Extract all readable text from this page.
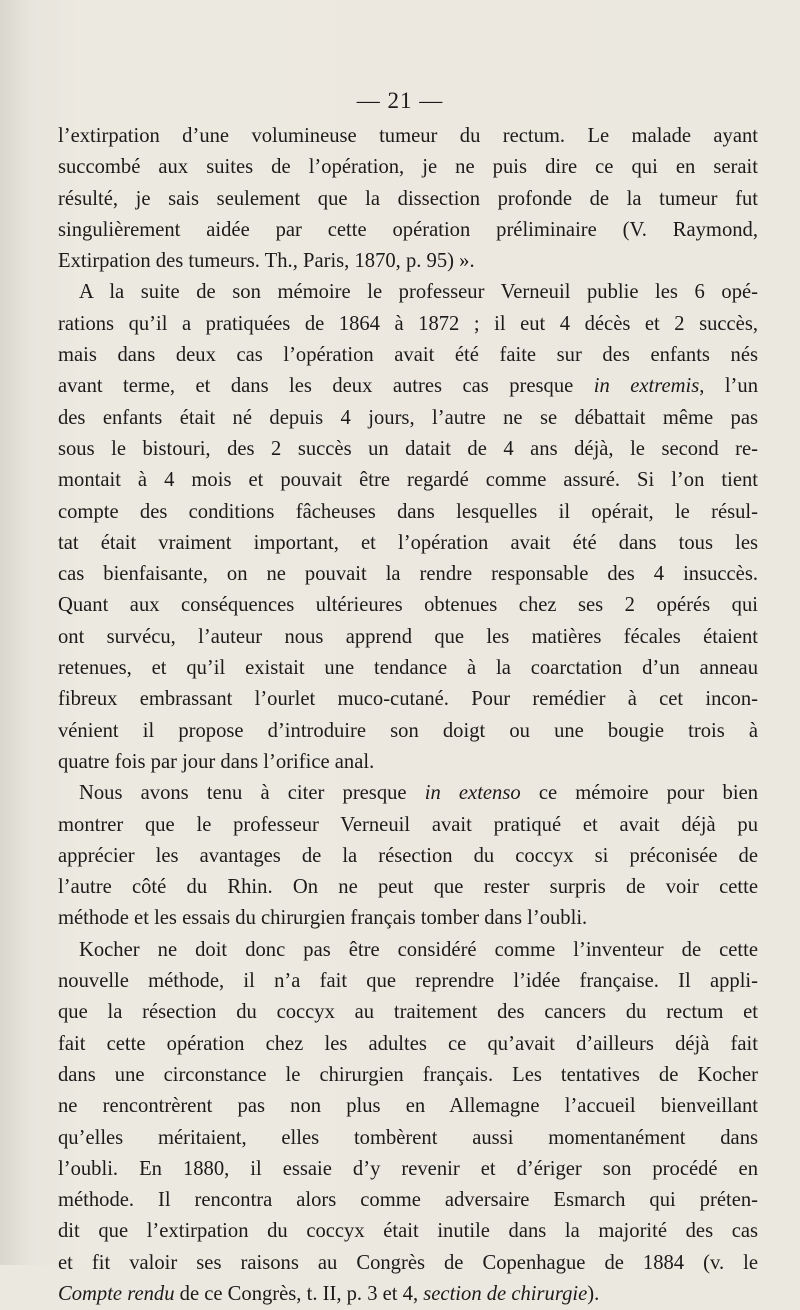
— 21 —
l’extirpation d’une volumineuse tumeur du rectum. Le malade ayant
succombé aux suites de l’opération, je ne puis dire ce qui en serait
résulté, je sais seulement que la dissection profonde de la tumeur fut
singulièrement aidée par cette opération préliminaire (V. Raymond,
Extirpation des tumeurs. Th., Paris, 1870, p. 95) ».
A la suite de son mémoire le professeur Verneuil publie les 6 opé-
rations qu’il a pratiquées de 1864 à 1872 ; il eut 4 décès et 2 succès,
mais dans deux cas l’opération avait été faite sur des enfants nés
avant terme, et dans les deux autres cas presque in extremis, l’un
des enfants était né depuis 4 jours, l’autre ne se débattait même pas
sous le bistouri, des 2 succès un datait de 4 ans déjà, le second re-
montait à 4 mois et pouvait être regardé comme assuré. Si l’on tient
compte des conditions fâcheuses dans lesquelles il opérait, le résul-
tat était vraiment important, et l’opération avait été dans tous les
cas bienfaisante, on ne pouvait la rendre responsable des 4 insuccès.
Quant aux conséquences ultérieures obtenues chez ses 2 opérés qui
ont survécu, l’auteur nous apprend que les matières fécales étaient
retenues, et qu’il existait une tendance à la coarctation d’un anneau
fibreux embrassant l’ourlet muco-cutané. Pour remédier à cet incon-
vénient il propose d’introduire son doigt ou une bougie trois à
quatre fois par jour dans l’orifice anal.
Nous avons tenu à citer presque in extenso ce mémoire pour bien
montrer que le professeur Verneuil avait pratiqué et avait déjà pu
apprécier les avantages de la résection du coccyx si préconisée de
l’autre côté du Rhin. On ne peut que rester surpris de voir cette
méthode et les essais du chirurgien français tomber dans l’oubli.
Kocher ne doit donc pas être considéré comme l’inventeur de cette
nouvelle méthode, il n’a fait que reprendre l’idée française. Il appli-
que la résection du coccyx au traitement des cancers du rectum et
fait cette opération chez les adultes ce qu’avait d’ailleurs déjà fait
dans une circonstance le chirurgien français. Les tentatives de Kocher
ne rencontrèrent pas non plus en Allemagne l’accueil bienveillant
qu’elles méritaient, elles tombèrent aussi momentanément dans
l’oubli. En 1880, il essaie d’y revenir et d’ériger son procédé en
méthode. Il rencontra alors comme adversaire Esmarch qui préten-
dit que l’extirpation du coccyx était inutile dans la majorité des cas
et fit valoir ses raisons au Congrès de Copenhague de 1884 (v. le
Compte rendu de ce Congrès, t. II, p. 3 et 4, section de chirurgie).
